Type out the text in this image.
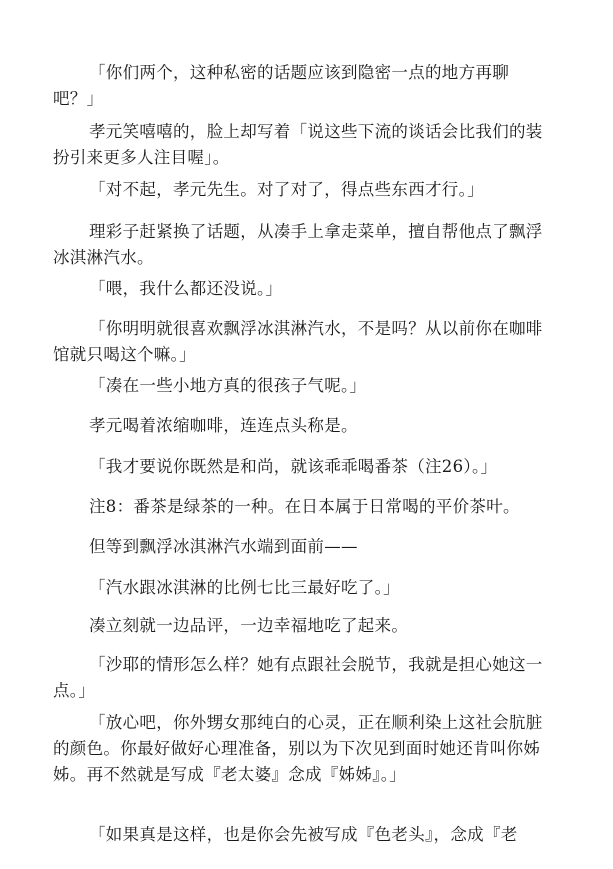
「你们两个，这种私密的话题应该到隐密一点的地方再聊吧？」

孝元笑嘻嘻的，脸上却写着「说这些下流的谈话会比我们的装扮引来更多人注目喔」。

「对不起，孝元先生。对了对了，得点些东西才行。」

理彩子赶紧换了话题，从凑手上拿走菜单，擅自帮他点了飘浮冰淇淋汽水。

「喂，我什么都还没说。」

「你明明就很喜欢飘浮冰淇淋汽水，不是吗？从以前你在咖啡馆就只喝这个嘛。」

「凑在一些小地方真的很孩子气呢。」

孝元喝着浓缩咖啡，连连点头称是。

「我才要说你既然是和尚，就该乖乖喝番茶（注26）。」

注8：番茶是绿茶的一种。在日本属于日常喝的平价茶叶。

但等到飘浮冰淇淋汽水端到面前——

「汽水跟冰淇淋的比例七比三最好吃了。」

凑立刻就一边品评，一边幸福地吃了起来。

「沙耶的情形怎么样？她有点跟社会脱节，我就是担心她这一点。」

「放心吧，你外甥女那纯白的心灵，正在顺利染上这社会肮脏的颜色。你最好做好心理准备，别以为下次见到面时她还肯叫你姊姊。再不然就是写成『老太婆』念成『姊姊』。」

「如果真是这样，也是你会先被写成『色老头』，念成『老
